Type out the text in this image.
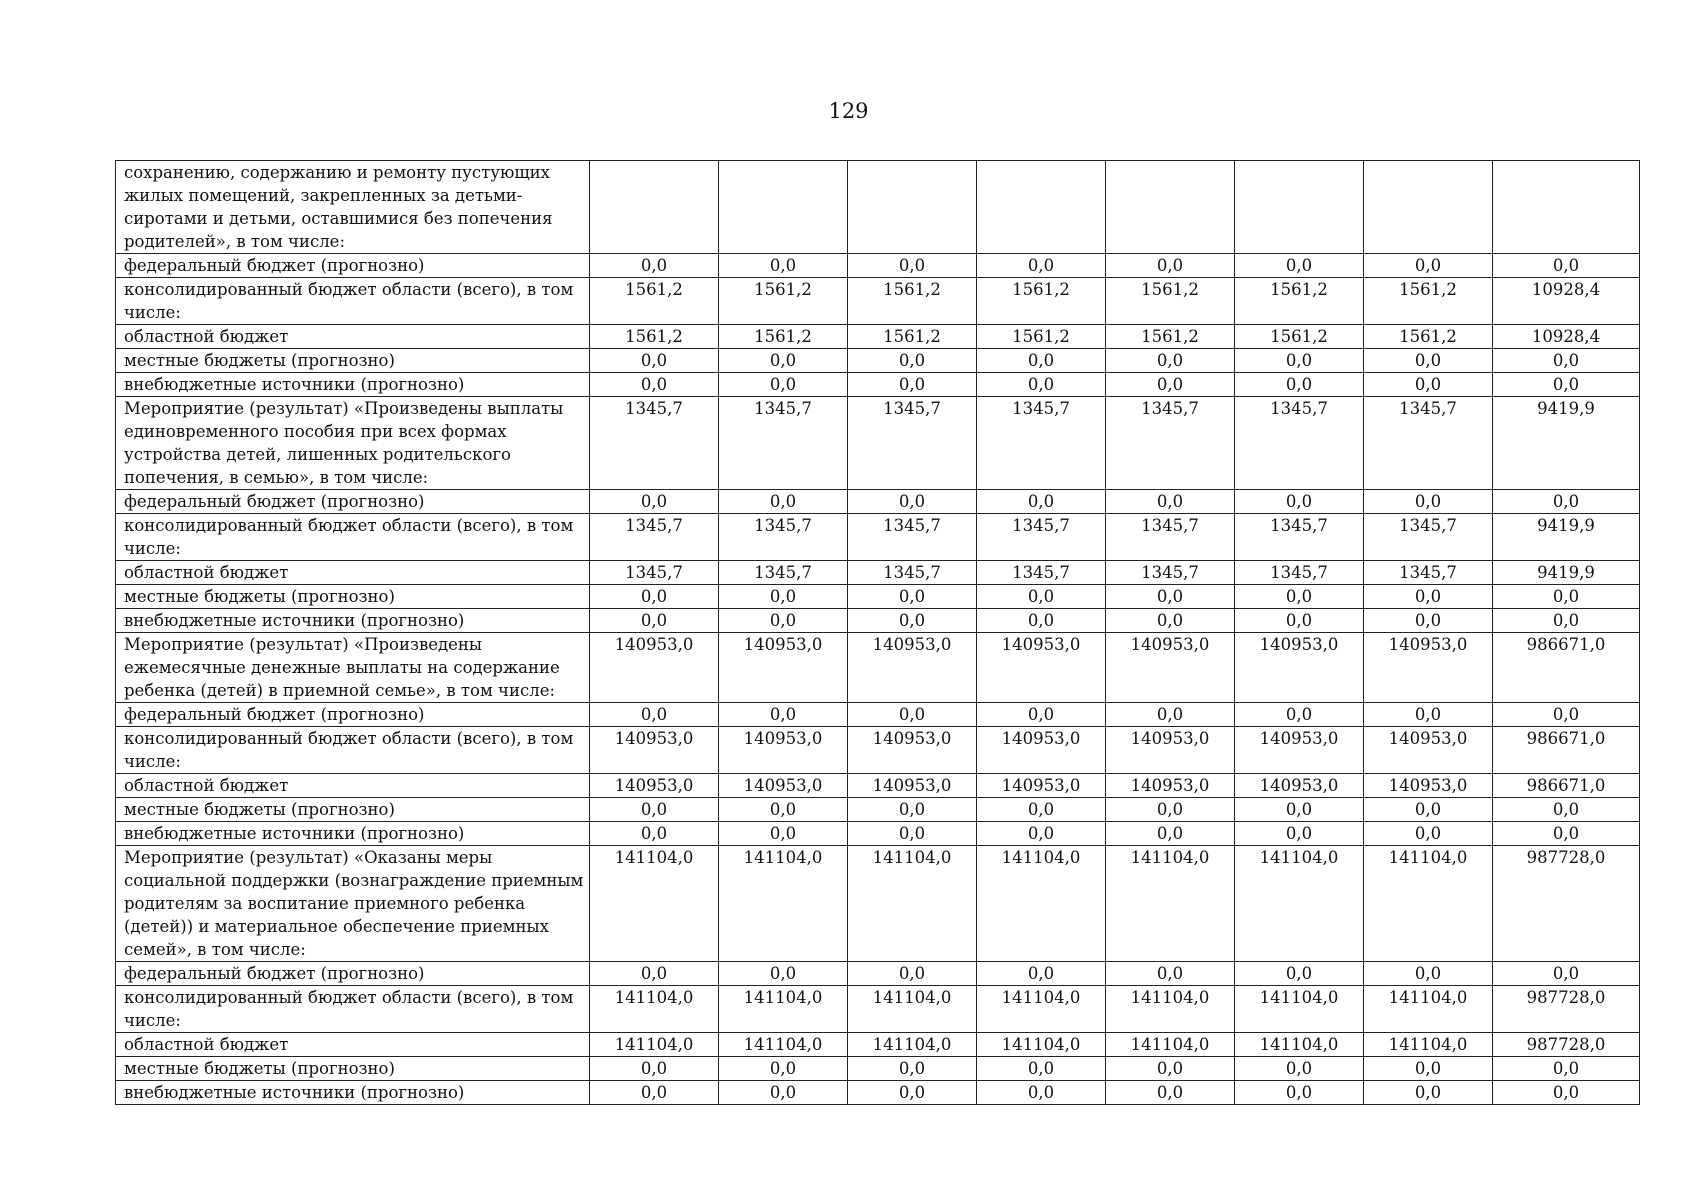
129
сохранению, содержанию и ремонту пустующих жилых помещений, закрепленных за детьми-сиротами и детьми, оставшимися без попечения родителей», в том числе:								
федеральный бюджет (прогнозно)	0,0	0,0	0,0	0,0	0,0	0,0	0,0	0,0
консолидированный бюджет области (всего), в том числе:	1561,2	1561,2	1561,2	1561,2	1561,2	1561,2	1561,2	10928,4
областной бюджет	1561,2	1561,2	1561,2	1561,2	1561,2	1561,2	1561,2	10928,4
местные бюджеты (прогнозно)	0,0	0,0	0,0	0,0	0,0	0,0	0,0	0,0
внебюджетные источники (прогнозно)	0,0	0,0	0,0	0,0	0,0	0,0	0,0	0,0
Мероприятие (результат) «Произведены выплаты единовременного пособия при всех формах устройства детей, лишенных родительского попечения, в семью», в том числе:	1345,7	1345,7	1345,7	1345,7	1345,7	1345,7	1345,7	9419,9
федеральный бюджет (прогнозно)	0,0	0,0	0,0	0,0	0,0	0,0	0,0	0,0
консолидированный бюджет области (всего), в том числе:	1345,7	1345,7	1345,7	1345,7	1345,7	1345,7	1345,7	9419,9
областной бюджет	1345,7	1345,7	1345,7	1345,7	1345,7	1345,7	1345,7	9419,9
местные бюджеты (прогнозно)	0,0	0,0	0,0	0,0	0,0	0,0	0,0	0,0
внебюджетные источники (прогнозно)	0,0	0,0	0,0	0,0	0,0	0,0	0,0	0,0
Мероприятие (результат) «Произведены ежемесячные денежные выплаты на содержание ребенка (детей) в приемной семье», в том числе:	140953,0	140953,0	140953,0	140953,0	140953,0	140953,0	140953,0	986671,0
федеральный бюджет (прогнозно)	0,0	0,0	0,0	0,0	0,0	0,0	0,0	0,0
консолидированный бюджет области (всего), в том числе:	140953,0	140953,0	140953,0	140953,0	140953,0	140953,0	140953,0	986671,0
областной бюджет	140953,0	140953,0	140953,0	140953,0	140953,0	140953,0	140953,0	986671,0
местные бюджеты (прогнозно)	0,0	0,0	0,0	0,0	0,0	0,0	0,0	0,0
внебюджетные источники (прогнозно)	0,0	0,0	0,0	0,0	0,0	0,0	0,0	0,0
Мероприятие (результат) «Оказаны меры социальной поддержки (вознаграждение приемным родителям за воспитание приемного ребенка (детей)) и материальное обеспечение приемных семей», в том числе:	141104,0	141104,0	141104,0	141104,0	141104,0	141104,0	141104,0	987728,0
федеральный бюджет (прогнозно)	0,0	0,0	0,0	0,0	0,0	0,0	0,0	0,0
консолидированный бюджет области (всего), в том числе:	141104,0	141104,0	141104,0	141104,0	141104,0	141104,0	141104,0	987728,0
областной бюджет	141104,0	141104,0	141104,0	141104,0	141104,0	141104,0	141104,0	987728,0
местные бюджеты (прогнозно)	0,0	0,0	0,0	0,0	0,0	0,0	0,0	0,0
внебюджетные источники (прогнозно)	0,0	0,0	0,0	0,0	0,0	0,0	0,0	0,0
